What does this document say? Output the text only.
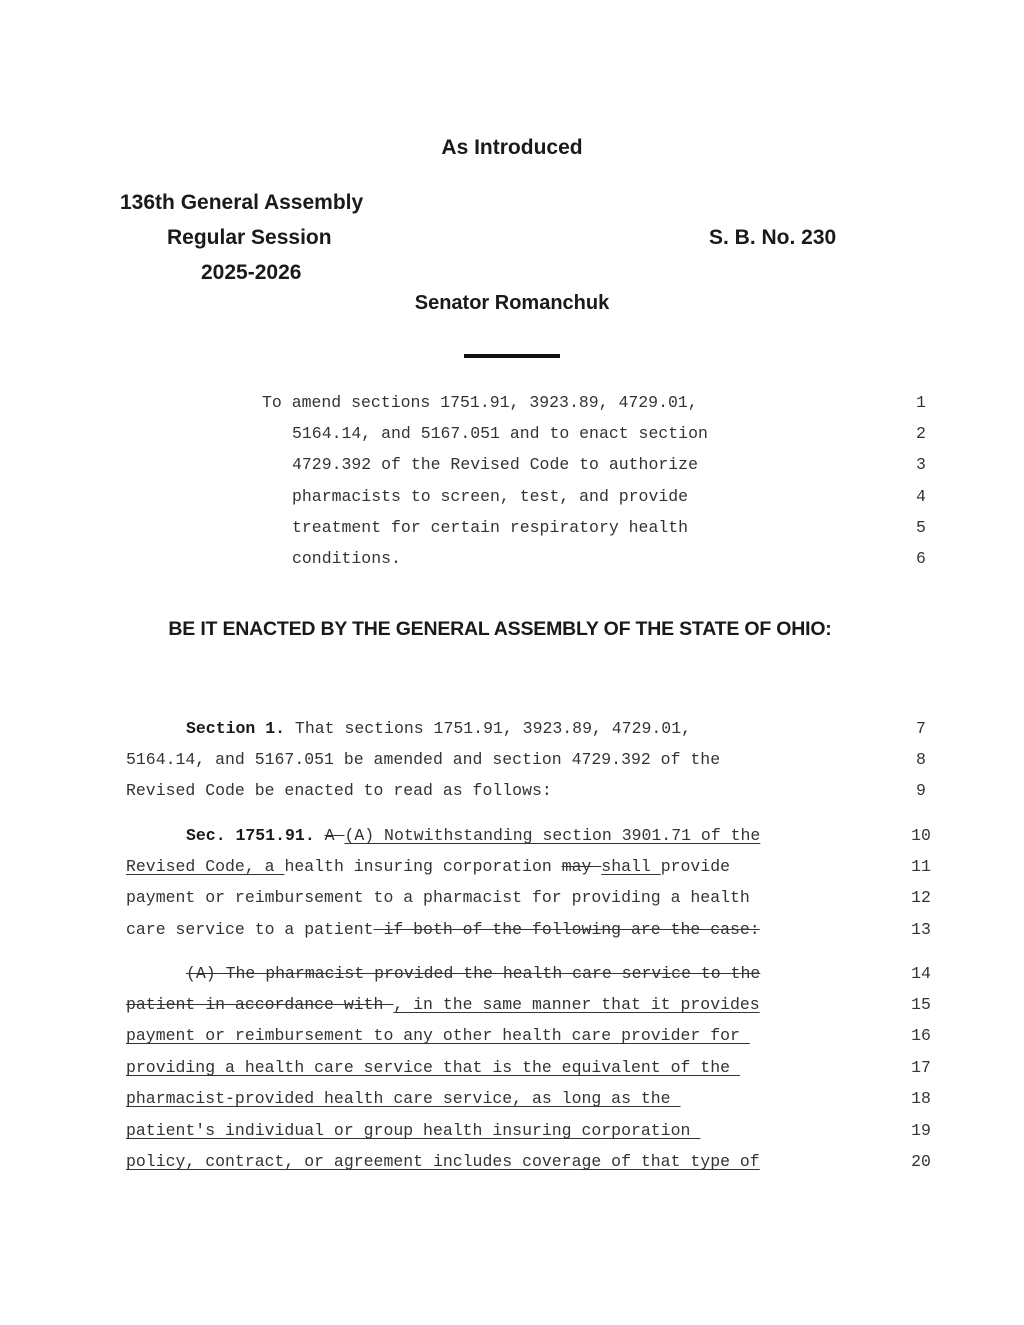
As Introduced
136th General Assembly
Regular Session
2025-2026
S. B. No. 230
Senator Romanchuk
To amend sections 1751.91, 3923.89, 4729.01,
5164.14, and 5167.051 and to enact section
4729.392 of the Revised Code to authorize
pharmacists to screen, test, and provide
treatment for certain respiratory health
conditions.
1
2
3
4
5
6
BE IT ENACTED BY THE GENERAL ASSEMBLY OF THE STATE OF OHIO:
Section 1. That sections 1751.91, 3923.89, 4729.01,
5164.14, and 5167.051 be amended and section 4729.392 of the
Revised Code be enacted to read as follows:
7
8
9
Sec. 1751.91. A (A) Notwithstanding section 3901.71 of the
Revised Code, a health insuring corporation may shall provide
payment or reimbursement to a pharmacist for providing a health
care service to a patient if both of the following are the case:
10
11
12
13
(A) The pharmacist provided the health care service to the
patient in accordance with , in the same manner that it provides
payment or reimbursement to any other health care provider for
providing a health care service that is the equivalent of the
pharmacist-provided health care service, as long as the
patient's individual or group health insuring corporation
policy, contract, or agreement includes coverage of that type of
14
15
16
17
18
19
20
